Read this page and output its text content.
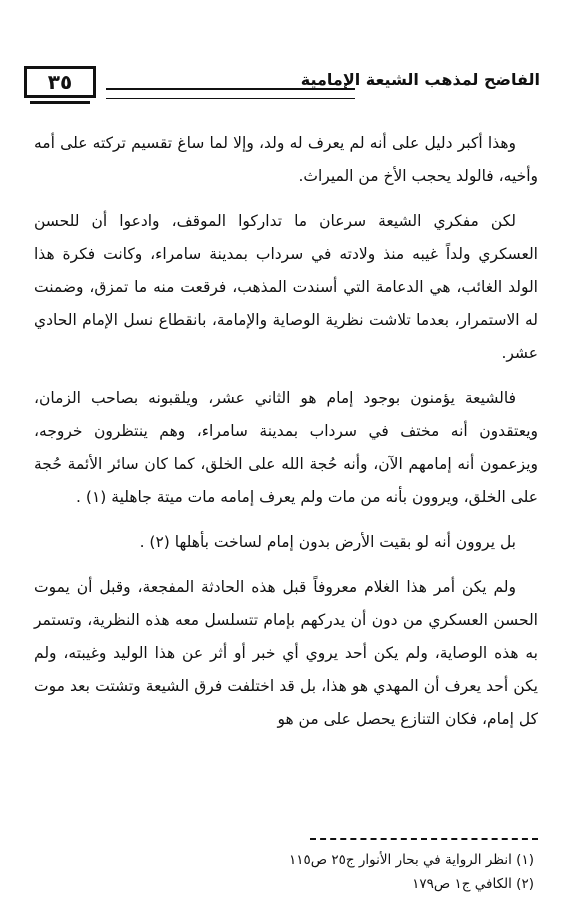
الفاضح لمذهب الشيعة الإمامية
٣٥

وهذا أكبر دليل على أنه لم يعرف له ولد، وإلا لما ساغ تقسيم تركته على أمه وأخيه، فالولد يحجب الأخ من الميراث.

لكن مفكري الشيعة سرعان ما تداركوا الموقف، وادعوا أن للحسن العسكري ولداً غيبه منذ ولادته في سرداب بمدينة سامراء، وكانت فكرة هذا الولد الغائب، هي الدعامة التي أسندت المذهب، فرقعت منه ما تمزق، وضمنت له الاستمرار، بعدما تلاشت نظرية الوصاية والإمامة، بانقطاع نسل الإمام الحادي عشر.

فالشيعة يؤمنون بوجود إمام هو الثاني عشر، ويلقبونه بصاحب الزمان، ويعتقدون أنه مختف في سرداب بمدينة سامراء، وهم ينتظرون خروجه، ويزعمون أنه إمامهم الآن، وأنه حُجة الله على الخلق، كما كان سائر الأئمة حُجة على الخلق، ويروون بأنه من مات ولم يعرف إمامه مات ميتة جاهلية (١) .

بل يروون أنه لو بقيت الأرض بدون إمام لساخت بأهلها (٢) .

ولم يكن أمر هذا الغلام معروفاً قبل هذه الحادثة المفجعة، وقبل أن يموت الحسن العسكري من دون أن يدركهم بإمام تتسلسل معه هذه النظرية، وتستمر به هذه الوصاية، ولم يكن أحد يروي أي خبر أو أثر عن هذا الوليد وغيبته، ولم يكن أحد يعرف أن المهدي هو هذا، بل قد اختلفت فرق الشيعة وتشتت بعد موت كل إمام، فكان التنازع يحصل على من هو

(١) انظر الرواية في بحار الأنوار ج٢٥ ص١١٥

(٢) الكافي ج١ ص١٧٩
